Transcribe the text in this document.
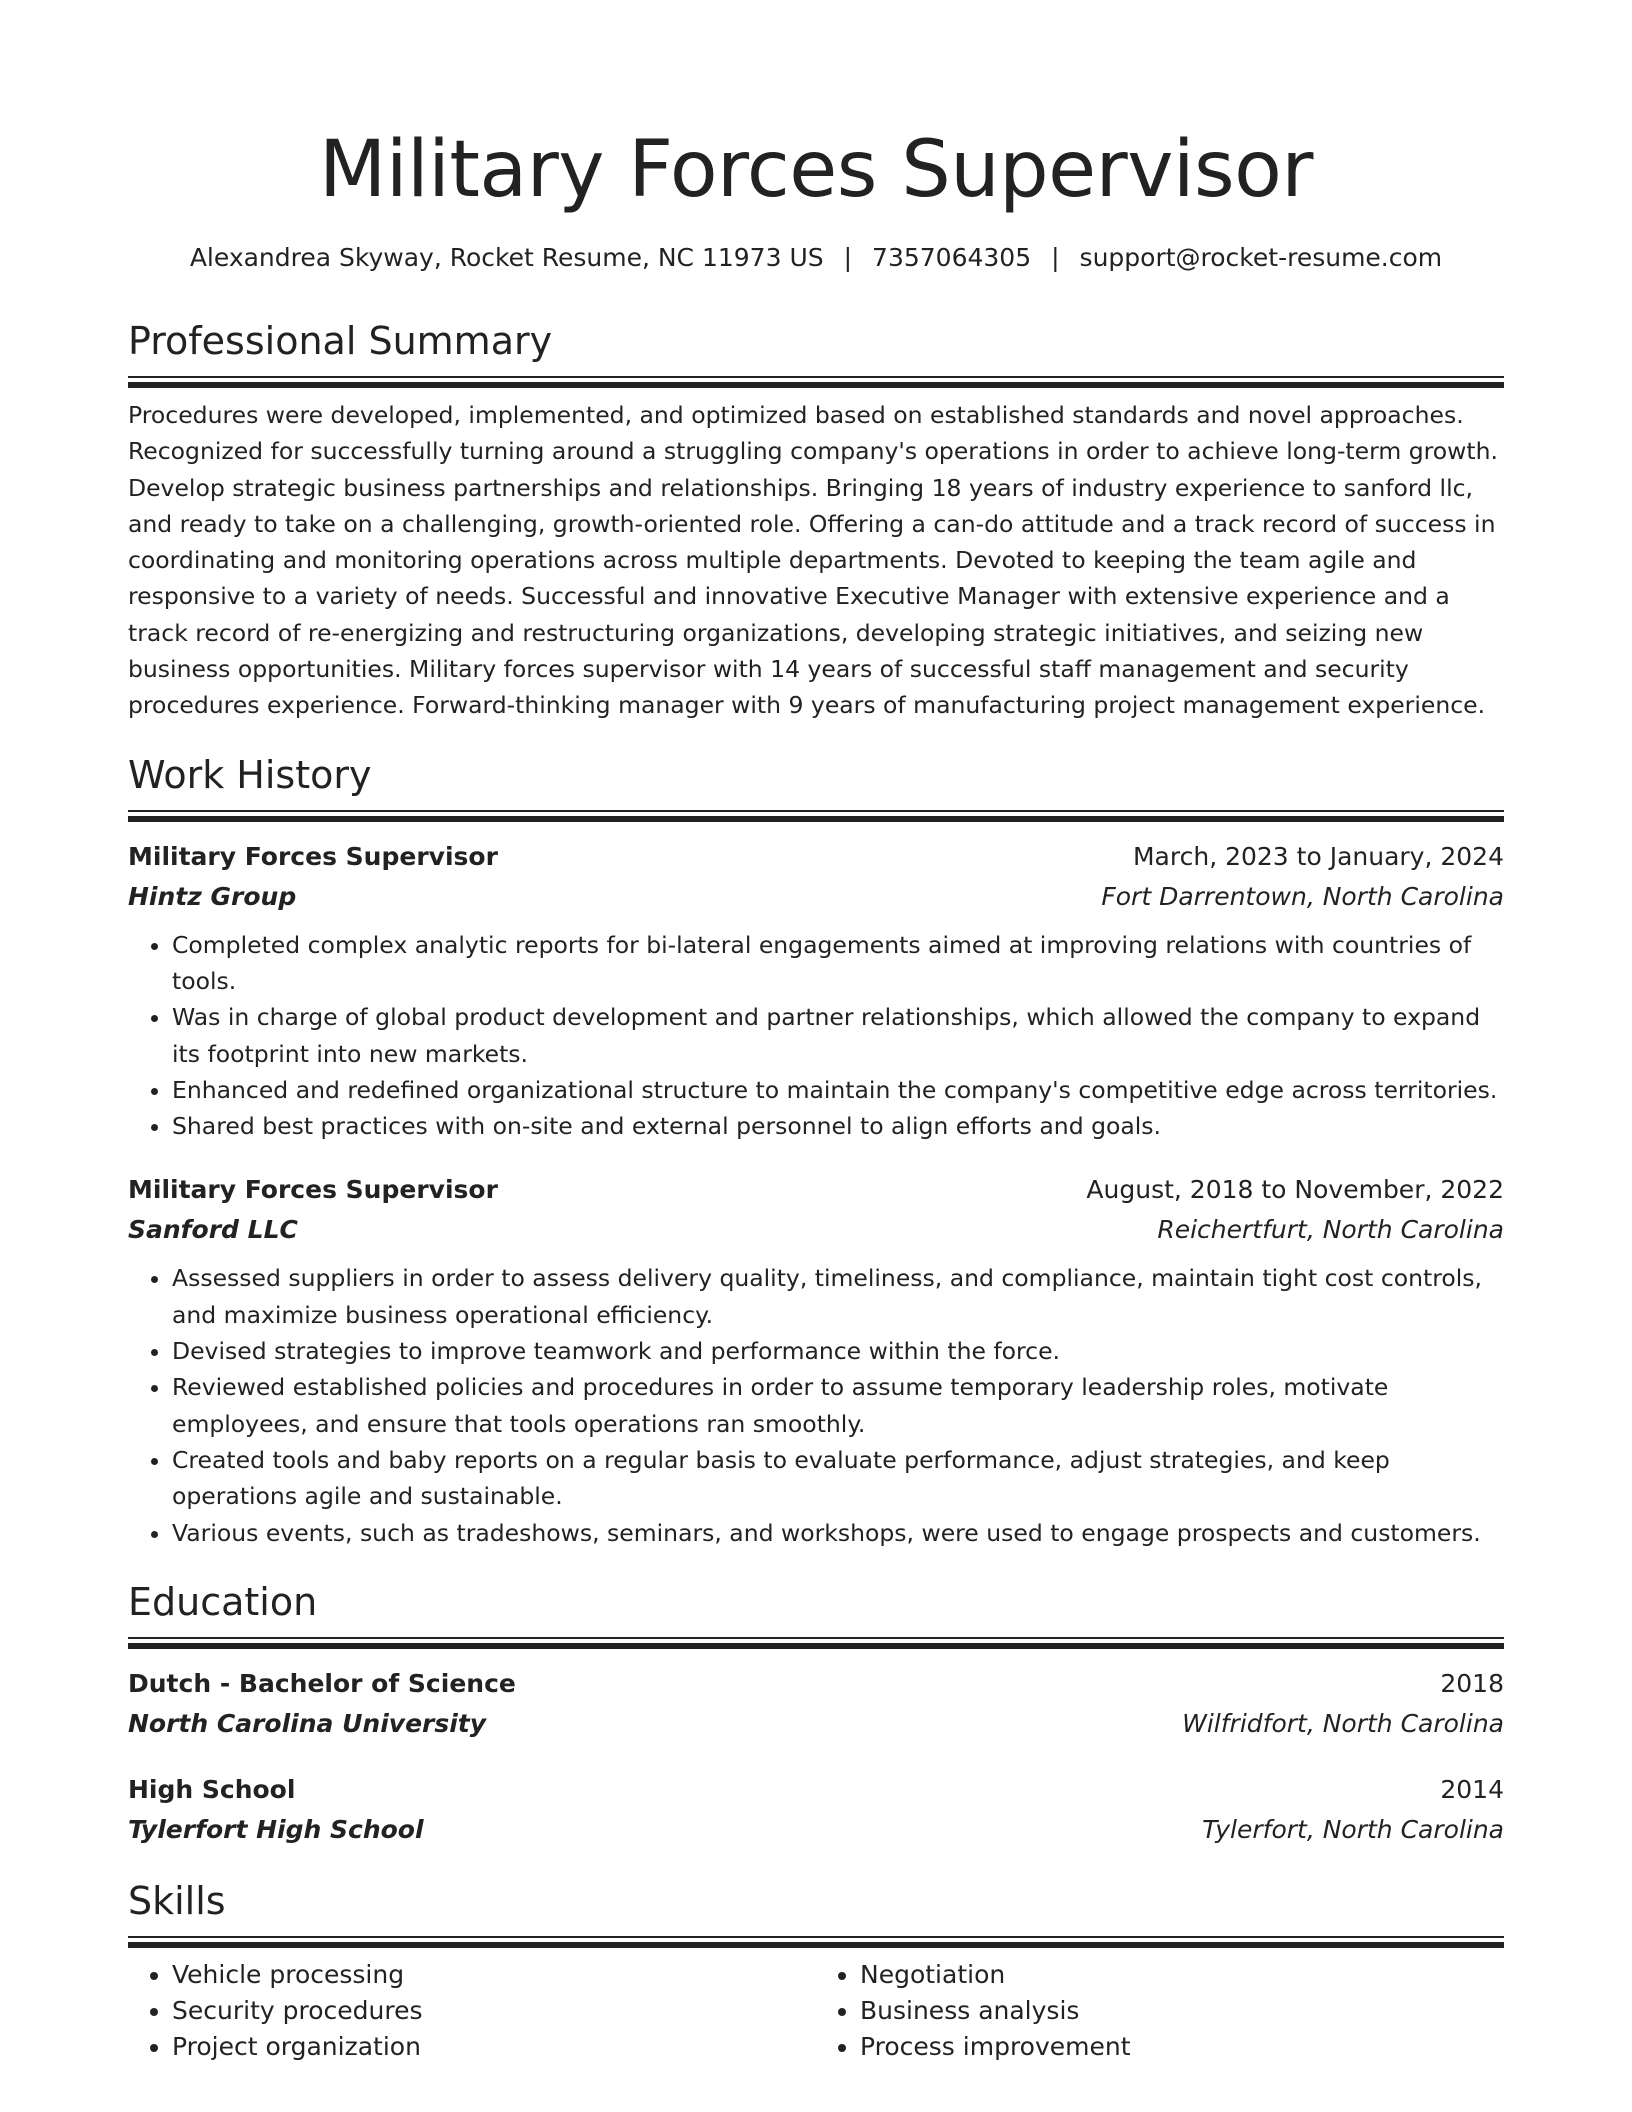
Military Forces Supervisor
Alexandrea Skyway, Rocket Resume, NC 11973 US | 7357064305 | support@rocket-resume.com
Professional Summary
Procedures were developed, implemented, and optimized based on established standards and novel approaches. Recognized for successfully turning around a struggling company's operations in order to achieve long-term growth. Develop strategic business partnerships and relationships. Bringing 18 years of industry experience to sanford llc, and ready to take on a challenging, growth-oriented role. Offering a can-do attitude and a track record of success in coordinating and monitoring operations across multiple departments. Devoted to keeping the team agile and responsive to a variety of needs. Successful and innovative Executive Manager with extensive experience and a track record of re-energizing and restructuring organizations, developing strategic initiatives, and seizing new business opportunities. Military forces supervisor with 14 years of successful staff management and security procedures experience. Forward-thinking manager with 9 years of manufacturing project management experience.
Work History
Military Forces Supervisor	March, 2023 to January, 2024
Hintz Group	Fort Darrentown, North Carolina
• Completed complex analytic reports for bi-lateral engagements aimed at improving relations with countries of tools.
• Was in charge of global product development and partner relationships, which allowed the company to expand its footprint into new markets.
• Enhanced and redefined organizational structure to maintain the company's competitive edge across territories.
• Shared best practices with on-site and external personnel to align efforts and goals.
Military Forces Supervisor	August, 2018 to November, 2022
Sanford LLC	Reichertfurt, North Carolina
• Assessed suppliers in order to assess delivery quality, timeliness, and compliance, maintain tight cost controls, and maximize business operational efficiency.
• Devised strategies to improve teamwork and performance within the force.
• Reviewed established policies and procedures in order to assume temporary leadership roles, motivate employees, and ensure that tools operations ran smoothly.
• Created tools and baby reports on a regular basis to evaluate performance, adjust strategies, and keep operations agile and sustainable.
• Various events, such as tradeshows, seminars, and workshops, were used to engage prospects and customers.
Education
Dutch - Bachelor of Science	2018
North Carolina University	Wilfridfort, North Carolina
High School	2014
Tylerfort High School	Tylerfort, North Carolina
Skills
• Vehicle processing
• Security procedures
• Project organization
• Negotiation
• Business analysis
• Process improvement
